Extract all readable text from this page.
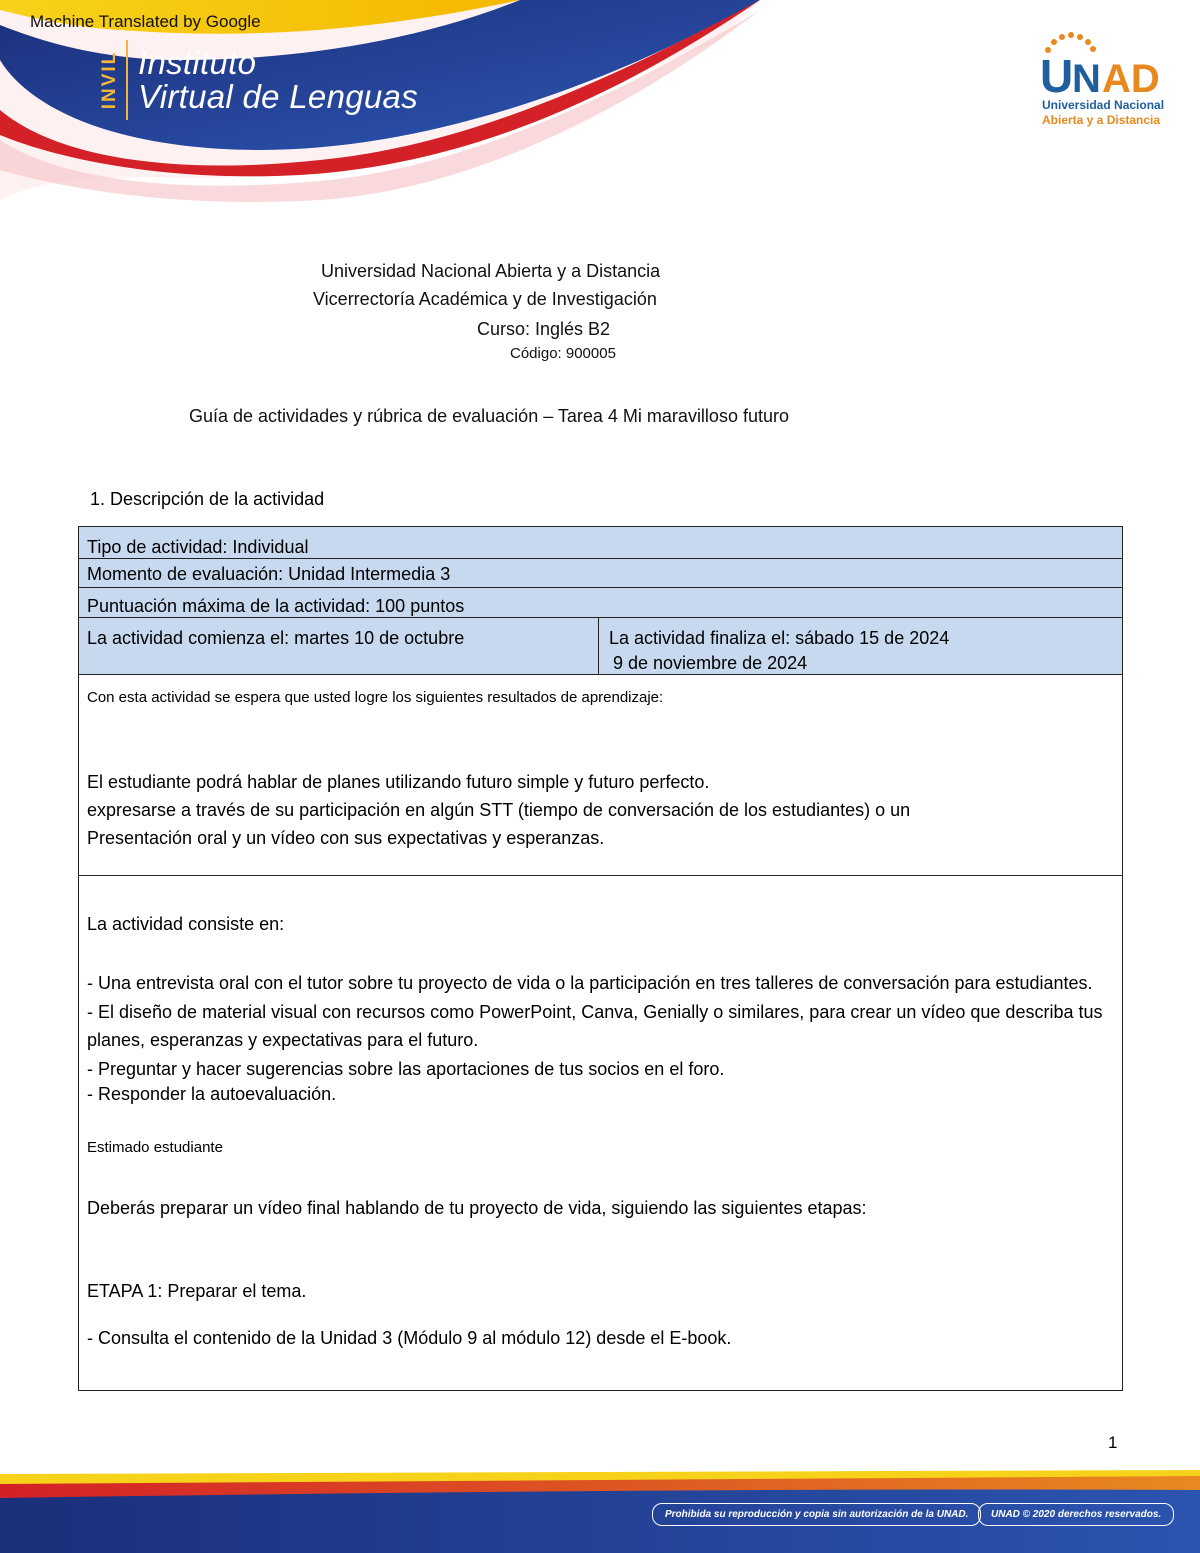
Machine Translated by Google
INVIL Instituto
Virtual de Lenguas	U
N AD
Universidad Nacional
Abierta y a Distancia
Universidad Nacional Abierta y a Distancia
Vicerrectoría Académica y de Investigación
Curso: Inglés B2
Código: 900005
Guía de actividades y rúbrica de evaluación – Tarea 4 Mi maravilloso futuro
1. Descripción de la actividad
Tipo de actividad: Individual

Momento de evaluación: Unidad Intermedia 3

Puntuación máxima de la actividad: 100 puntos

La actividad comienza el: martes 10 de octubre	La actividad finaliza el: sábado 15 de 2024
9 de noviembre de 2024

Con esta actividad se espera que usted logre los siguientes resultados de aprendizaje:
El estudiante podrá hablar de planes utilizando futuro simple y futuro perfecto.
expresarse a través de su participación en algún STT (tiempo de conversación de los estudiantes) o un
Presentación oral y un vídeo con sus expectativas y esperanzas.

La actividad consiste en:
- Una entrevista oral con el tutor sobre tu proyecto de vida o la participación en tres talleres de conversación para estudiantes.
- El diseño de material visual con recursos como PowerPoint, Canva, Genially o similares, para crear un vídeo que describa tus planes, esperanzas y expectativas para el futuro.
- Preguntar y hacer sugerencias sobre las aportaciones de tus socios en el foro.
- Responder la autoevaluación.
Estimado estudiante
Deberás preparar un vídeo final hablando de tu proyecto de vida, siguiendo las siguientes etapas:
ETAPA 1: Preparar el tema.
- Consulta el contenido de la Unidad 3 (Módulo 9 al módulo 12) desde el E-book.
1
Prohibida su reproducción y copia sin autorización de la UNAD.	UNAD © 2020 derechos reservados.
